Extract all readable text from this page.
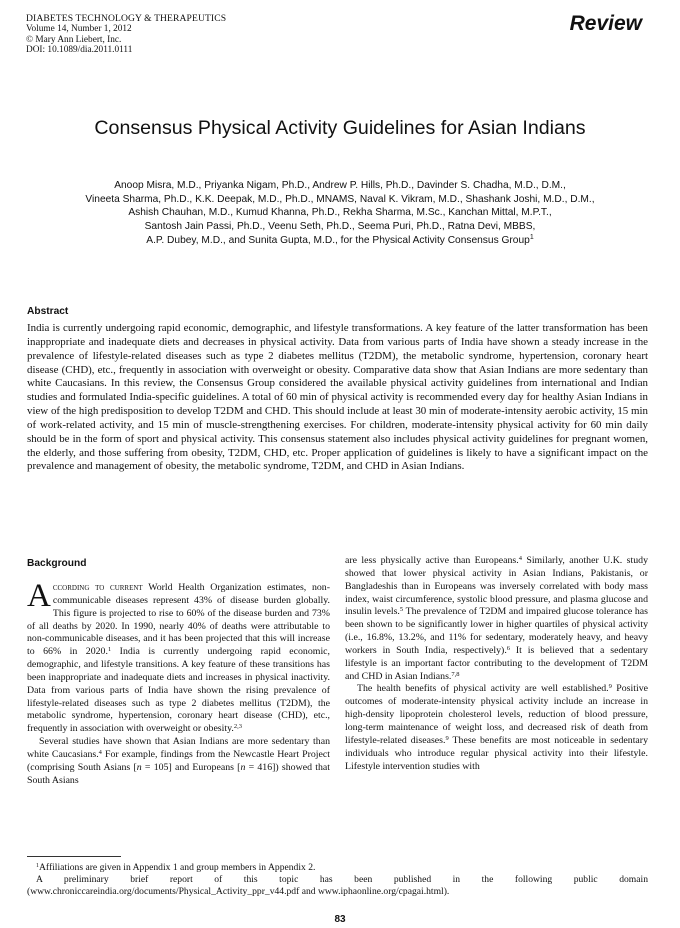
DIABETES TECHNOLOGY & THERAPEUTICS
Volume 14, Number 1, 2012
© Mary Ann Liebert, Inc.
DOI: 10.1089/dia.2011.0111
Review
Consensus Physical Activity Guidelines for Asian Indians
Anoop Misra, M.D., Priyanka Nigam, Ph.D., Andrew P. Hills, Ph.D., Davinder S. Chadha, M.D., D.M.,
Vineeta Sharma, Ph.D., K.K. Deepak, M.D., Ph.D., MNAMS, Naval K. Vikram, M.D., Shashank Joshi, M.D., D.M.,
Ashish Chauhan, M.D., Kumud Khanna, Ph.D., Rekha Sharma, M.Sc., Kanchan Mittal, M.P.T.,
Santosh Jain Passi, Ph.D., Veenu Seth, Ph.D., Seema Puri, Ph.D., Ratna Devi, MBBS,
A.P. Dubey, M.D., and Sunita Gupta, M.D., for the Physical Activity Consensus Group$^1$
Abstract
India is currently undergoing rapid economic, demographic, and lifestyle transformations. A key feature of the latter transformation has been inappropriate and inadequate diets and decreases in physical activity. Data from various parts of India have shown a steady increase in the prevalence of lifestyle-related diseases such as type 2 diabetes mellitus (T2DM), the metabolic syndrome, hypertension, coronary heart disease (CHD), etc., frequently in association with overweight or obesity. Comparative data show that Asian Indians are more sedentary than white Caucasians. In this review, the Consensus Group considered the available physical activity guidelines from international and Indian studies and formulated India-specific guidelines. A total of 60 min of physical activity is recommended every day for healthy Asian Indians in view of the high predisposition to develop T2DM and CHD. This should include at least 30 min of moderate-intensity aerobic activity, 15 min of work-related activity, and 15 min of muscle-strengthening exercises. For children, moderate-intensity physical activity for 60 min daily should be in the form of sport and physical activity. This consensus statement also includes physical activity guidelines for pregnant women, the elderly, and those suffering from obesity, T2DM, CHD, etc. Proper application of guidelines is likely to have a significant impact on the prevalence and management of obesity, the metabolic syndrome, T2DM, and CHD in Asian Indians.
Background

According to current World Health Organization estimates, non-communicable diseases represent 43% of disease burden globally. This figure is projected to rise to 60% of the disease burden and 73% of all deaths by 2020. In 1990, nearly 40% of deaths were attributable to non-communicable diseases, and it has been projected that this will increase to 66% in 2020.$^1$ India is currently undergoing rapid economic, demographic, and lifestyle transitions. A key feature of these transitions has been inappropriate and inadequate diets and increases in physical inactivity. Data from various parts of India have shown the rising prevalence of lifestyle-related diseases such as type 2 diabetes mellitus (T2DM), the metabolic syndrome, hypertension, coronary heart disease (CHD), etc., frequently in association with overweight or obesity.$^{2,3}$

Several studies have shown that Asian Indians are more sedentary than white Caucasians.$^4$ For example, findings from the Newcastle Heart Project (comprising South Asians [n = 105] and Europeans [n = 416]) showed that South Asians

are less physically active than Europeans.$^4$ Similarly, another U.K. study showed that lower physical activity in Asian Indians, Pakistanis, or Bangladeshis than in Europeans was inversely correlated with body mass index, waist circumference, systolic blood pressure, and plasma glucose and insulin levels.$^5$ The prevalence of T2DM and impaired glucose tolerance has been shown to be significantly lower in higher quartiles of physical activity (i.e., 16.8%, 13.2%, and 11% for sedentary, moderately heavy, and heavy workers in South India, respectively).$^6$ It is believed that a sedentary lifestyle is an important factor contributing to the development of T2DM and CHD in Asian Indians.$^{7,8}$

The health benefits of physical activity are well established.$^9$ Positive outcomes of moderate-intensity physical activity include an increase in high-density lipoprotein cholesterol levels, reduction of blood pressure, long-term maintenance of weight loss, and decreased risk of death from lifestyle-related diseases.$^9$ These benefits are most noticeable in sedentary individuals who introduce regular physical activity into their lifestyle. Lifestyle intervention studies with

$^1$Affiliations are given in Appendix 1 and group members in Appendix 2.

A preliminary brief report of this topic has been published in the following public domain (www.chroniccareindia.org/documents/Physical_Activity_ppr_v44.pdf and www.iphaonline.org/cpagai.html).

83
